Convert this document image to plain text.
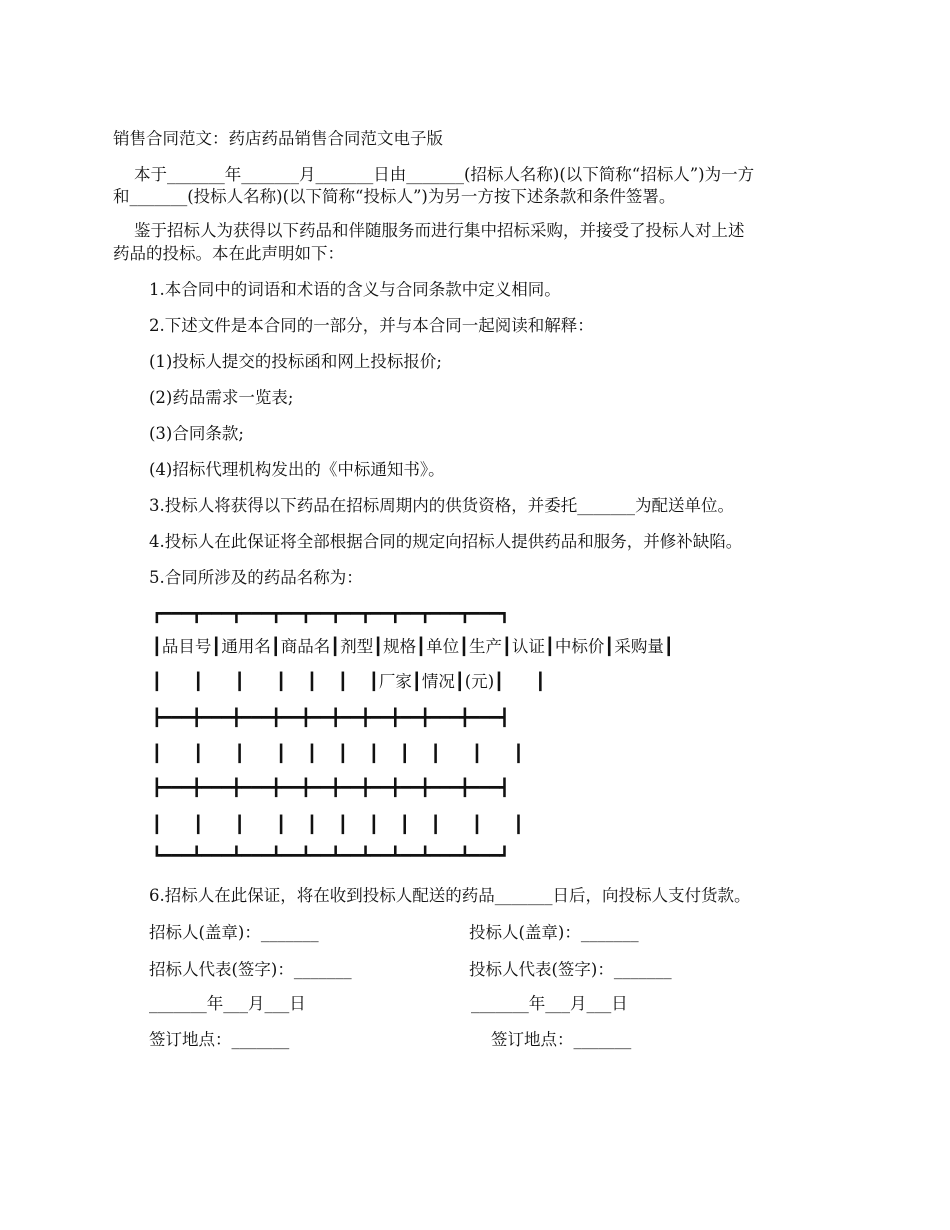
销售合同范文：药店药品销售合同范文电子版
本于_______年_______月_______日由_______(招标人名称)(以下简称“招标人”)为一方
和_______(投标人名称)(以下简称“投标人”)为另一方按下述条款和条件签署。
鉴于招标人为获得以下药品和伴随服务而进行集中招标采购，并接受了投标人对上述
药品的投标。本在此声明如下：
1.本合同中的词语和术语的含义与合同条款中定义相同。
2.下述文件是本合同的一部分，并与本合同一起阅读和解释：
(1)投标人提交的投标函和网上投标报价;
(2)药品需求一览表;
(3)合同条款;
(4)招标代理机构发出的《中标通知书》。
3.投标人将获得以下药品在招标周期内的供货资格，并委托_______为配送单位。
4.投标人在此保证将全部根据合同的规定向招标人提供药品和服务，并修补缺陷。
5.合同所涉及的药品名称为：
┏━━━┳━━━┳━━━┳━━┳━━┳━━┳━━┳━━┳━━━┳━━━┓
┃品目号┃通用名┃商品名┃剂型┃规格┃单位┃生产┃认证┃中标价┃采购量┃
┃      ┃      ┃      ┃    ┃    ┃    ┃厂家┃情况┃(元)┃      ┃
┣━━━╋━━━╋━━━╋━━╋━━╋━━╋━━╋━━╋━━━╋━━━┫
┃      ┃      ┃      ┃    ┃    ┃    ┃    ┃    ┃      ┃      ┃
┣━━━╋━━━╋━━━╋━━╋━━╋━━╋━━╋━━╋━━━╋━━━┫
┃      ┃      ┃      ┃    ┃    ┃    ┃    ┃    ┃      ┃      ┃
┗━━━┻━━━┻━━━┻━━┻━━┻━━┻━━┻━━┻━━━┻━━━┛
6.招标人在此保证，将在收到投标人配送的药品_______日后，向投标人支付货款。
招标人(盖章)：_______	投标人(盖章)：_______
招标人代表(签字)：_______	投标人代表(签字)：_______
_______年___月___日	_______年___月___日
签订地点：_______	签订地点：_______
